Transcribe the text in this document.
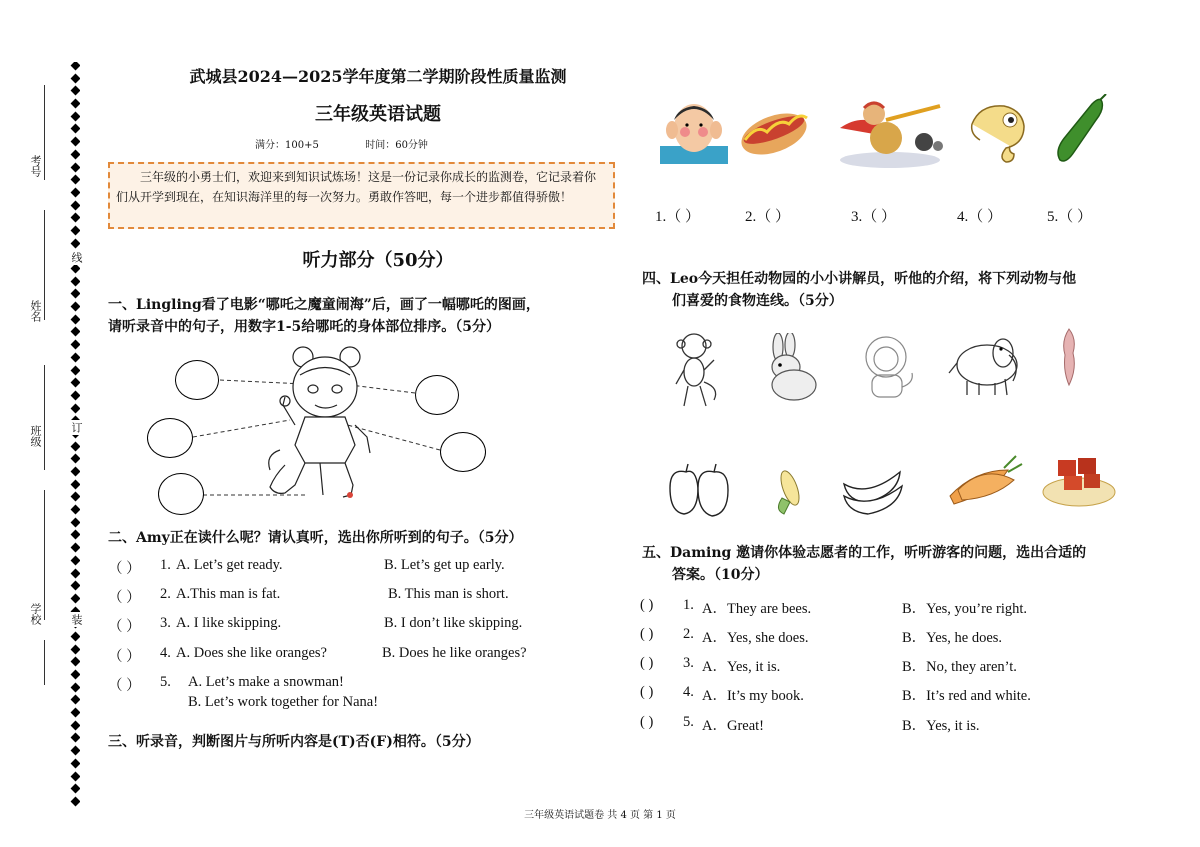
考号
姓名
班级
学校
线
订
装
武城县2024—2025学年度第二学期阶段性质量监测
三年级英语试题
满分：100+5	时间：60分钟
三年级的小勇士们，欢迎来到知识试炼场！这是一份记录你成长的监测卷，它记录着你们从开学到现在，在知识海洋里的每一次努力。勇敢作答吧，每一个进步都值得骄傲！
听力部分（50分）
一、Lingling看了电影“哪吒之魔童闹海”后，画了一幅哪吒的图画，
请听录音中的句子，用数字1-5给哪吒的身体部位排序。（5分）
二、Amy正在读什么呢？请认真听，选出你所听到的句子。（5分）
（ ） 1. A. Let’s get ready.	B. Let’s get up early.
（ ） 2. A.This man is fat.	B. This man is short.
（ ） 3. A. I like skipping.	B. I don’t like skipping.
（ ） 4. A. Does she like oranges?	B. Does he like oranges?
（ ） 5. A. Let’s make a snowman!
B. Let’s work together for Nana!
三、听录音，判断图片与所听内容是(T)否(F)相符。（5分）
1.（ ）	2.（ ）	3.（ ）	4.（ ）	5.（ ）
四、Leo今天担任动物园的小小讲解员，听他的介绍，将下列动物与他
们喜爱的食物连线。（5分）
五、Daming 邀请你体验志愿者的工作，听听游客的问题，选出合适的
答案。（10分）
( ) 1. A．They are bees.	B．Yes, you’re right.
( ) 2. A．Yes, she does.	B．Yes, he does.
( ) 3. A．Yes, it is.	B．No, they aren’t.
( ) 4. A．It’s my book.	B．It’s red and white.
( ) 5. A．Great!	B．Yes, it is.
三年级英语试题卷 共 4 页 第 1 页
